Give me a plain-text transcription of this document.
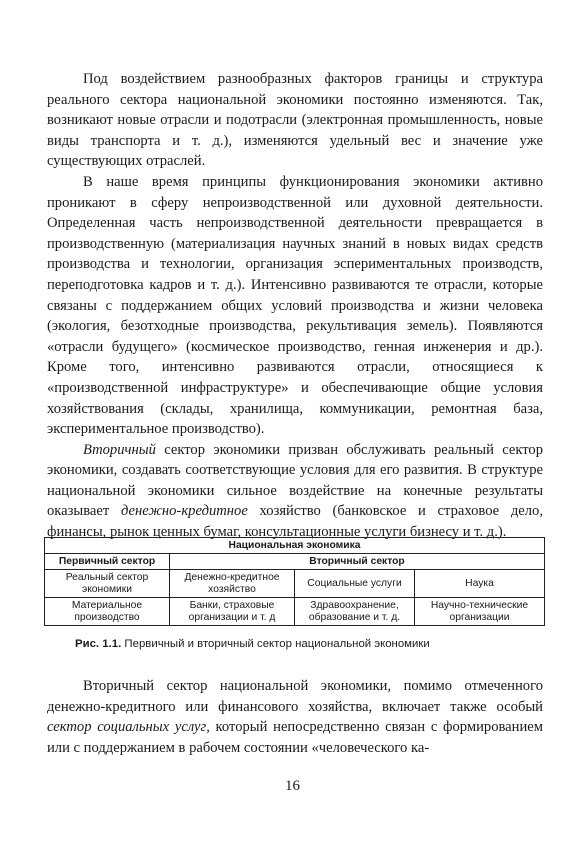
Под воздействием разнообразных факторов границы и структура реального сектора национальной экономики постоянно изменяются. Так, возникают новые отрасли и подотрасли (электронная промышленность, новые виды транспорта и т. д.), изменяются удельный вес и значение уже существующих отраслей.

В наше время принципы функционирования экономики активно проникают в сферу непроизводственной или духовной деятельности. Определенная часть непроизводственной деятельности превращается в производственную (материализация научных знаний в новых видах средств производства и технологии, организация эспериментальных производств, переподготовка кадров и т. д.). Интенсивно развиваются те отрасли, которые связаны с поддержанием общих условий производства и жизни человека (экология, безотходные производства, рекультивация земель). Появляются «отрасли будущего» (космическое производство, генная инженерия и др.). Кроме того, интенсивно развиваются отрасли, относящиеся к «производственной инфраструктуре» и обеспечивающие общие условия хозяйствования (склады, хранилища, коммуникации, ремонтная база, экспериментальное производство).

Вторичный сектор экономики призван обслуживать реальный сектор экономики, создавать соответствующие условия для его развития. В структуре национальной экономики сильное воздействие на конечные результаты оказывает денежно-кредитное хозяйство (банковское и страховое дело, финансы, рынок ценных бумаг, консультационные услуги бизнесу и т. д.).

Национальная экономика			
Первичный сектор	Вторичный сектор		
Реальный сектор экономики	Денежно-кредитное хозяйство	Социальные услуги	Наука
Материальное производство	Банки, страховые организации и т. д	Здравоохранение, образование и т. д.	Научно-технические организации
Рис. 1.1. Первичный и вторичный сектор национальной экономики

Вторичный сектор национальной экономики, помимо отмеченного денежно-кредитного или финансового хозяйства, включает также особый сектор социальных услуг, который непосредственно связан с формированием или с поддержанием в рабочем состоянии «человеческого ка-

16
